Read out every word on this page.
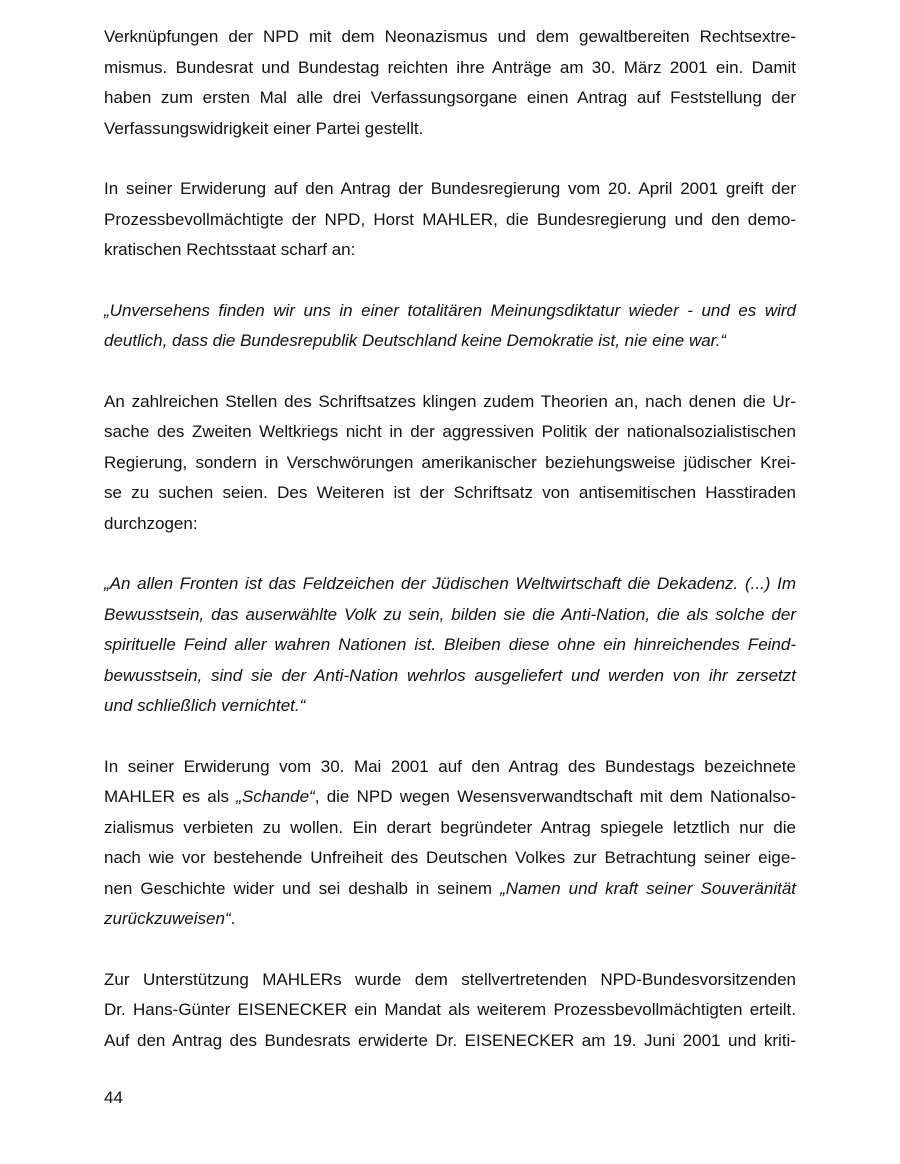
Verknüpfungen der NPD mit dem Neonazismus und dem gewaltbereiten Rechtsextre-
mismus. Bundesrat und Bundestag reichten ihre Anträge am 30. März 2001 ein. Damit
haben zum ersten Mal alle drei Verfassungsorgane einen Antrag auf Feststellung der
Verfassungswidrigkeit einer Partei gestellt.
In seiner Erwiderung auf den Antrag der Bundesregierung vom 20. April 2001 greift der
Prozessbevollmächtigte der NPD, Horst MAHLER, die Bundesregierung und den demo-
kratischen Rechtsstaat scharf an:
„Unversehens finden wir uns in einer totalitären Meinungsdiktatur wieder - und es wird
deutlich, dass die Bundesrepublik Deutschland keine Demokratie ist, nie eine war.“
An zahlreichen Stellen des Schriftsatzes klingen zudem Theorien an, nach denen die Ur-
sache des Zweiten Weltkriegs nicht in der aggressiven Politik der nationalsozialistischen
Regierung, sondern in Verschwörungen amerikanischer beziehungsweise jüdischer Krei-
se zu suchen seien. Des Weiteren ist der Schriftsatz von antisemitischen Hasstiraden
durchzogen:
„An allen Fronten ist das Feldzeichen der Jüdischen Weltwirtschaft die Dekadenz. (...) Im
Bewusstsein, das auserwählte Volk zu sein, bilden sie die Anti-Nation, die als solche der
spirituelle Feind aller wahren Nationen ist. Bleiben diese ohne ein hinreichendes Feind-
bewusstsein, sind sie der Anti-Nation wehrlos ausgeliefert und werden von ihr zersetzt
und schließlich vernichtet.“
In seiner Erwiderung vom 30. Mai 2001 auf den Antrag des Bundestags bezeichnete
MAHLER es als „Schande“, die NPD wegen Wesensverwandtschaft mit dem Nationalso-
zialismus verbieten zu wollen. Ein derart begründeter Antrag spiegele letztlich nur die
nach wie vor bestehende Unfreiheit des Deutschen Volkes zur Betrachtung seiner eige-
nen Geschichte wider und sei deshalb in seinem „Namen und kraft seiner Souveränität
zurückzuweisen“.
Zur Unterstützung MAHLERs wurde dem stellvertretenden NPD-Bundesvorsitzenden
Dr. Hans-Günter EISENECKER ein Mandat als weiterem Prozessbevollmächtigten erteilt.
Auf den Antrag des Bundesrats erwiderte Dr. EISENECKER am 19. Juni 2001 und kriti-
44
